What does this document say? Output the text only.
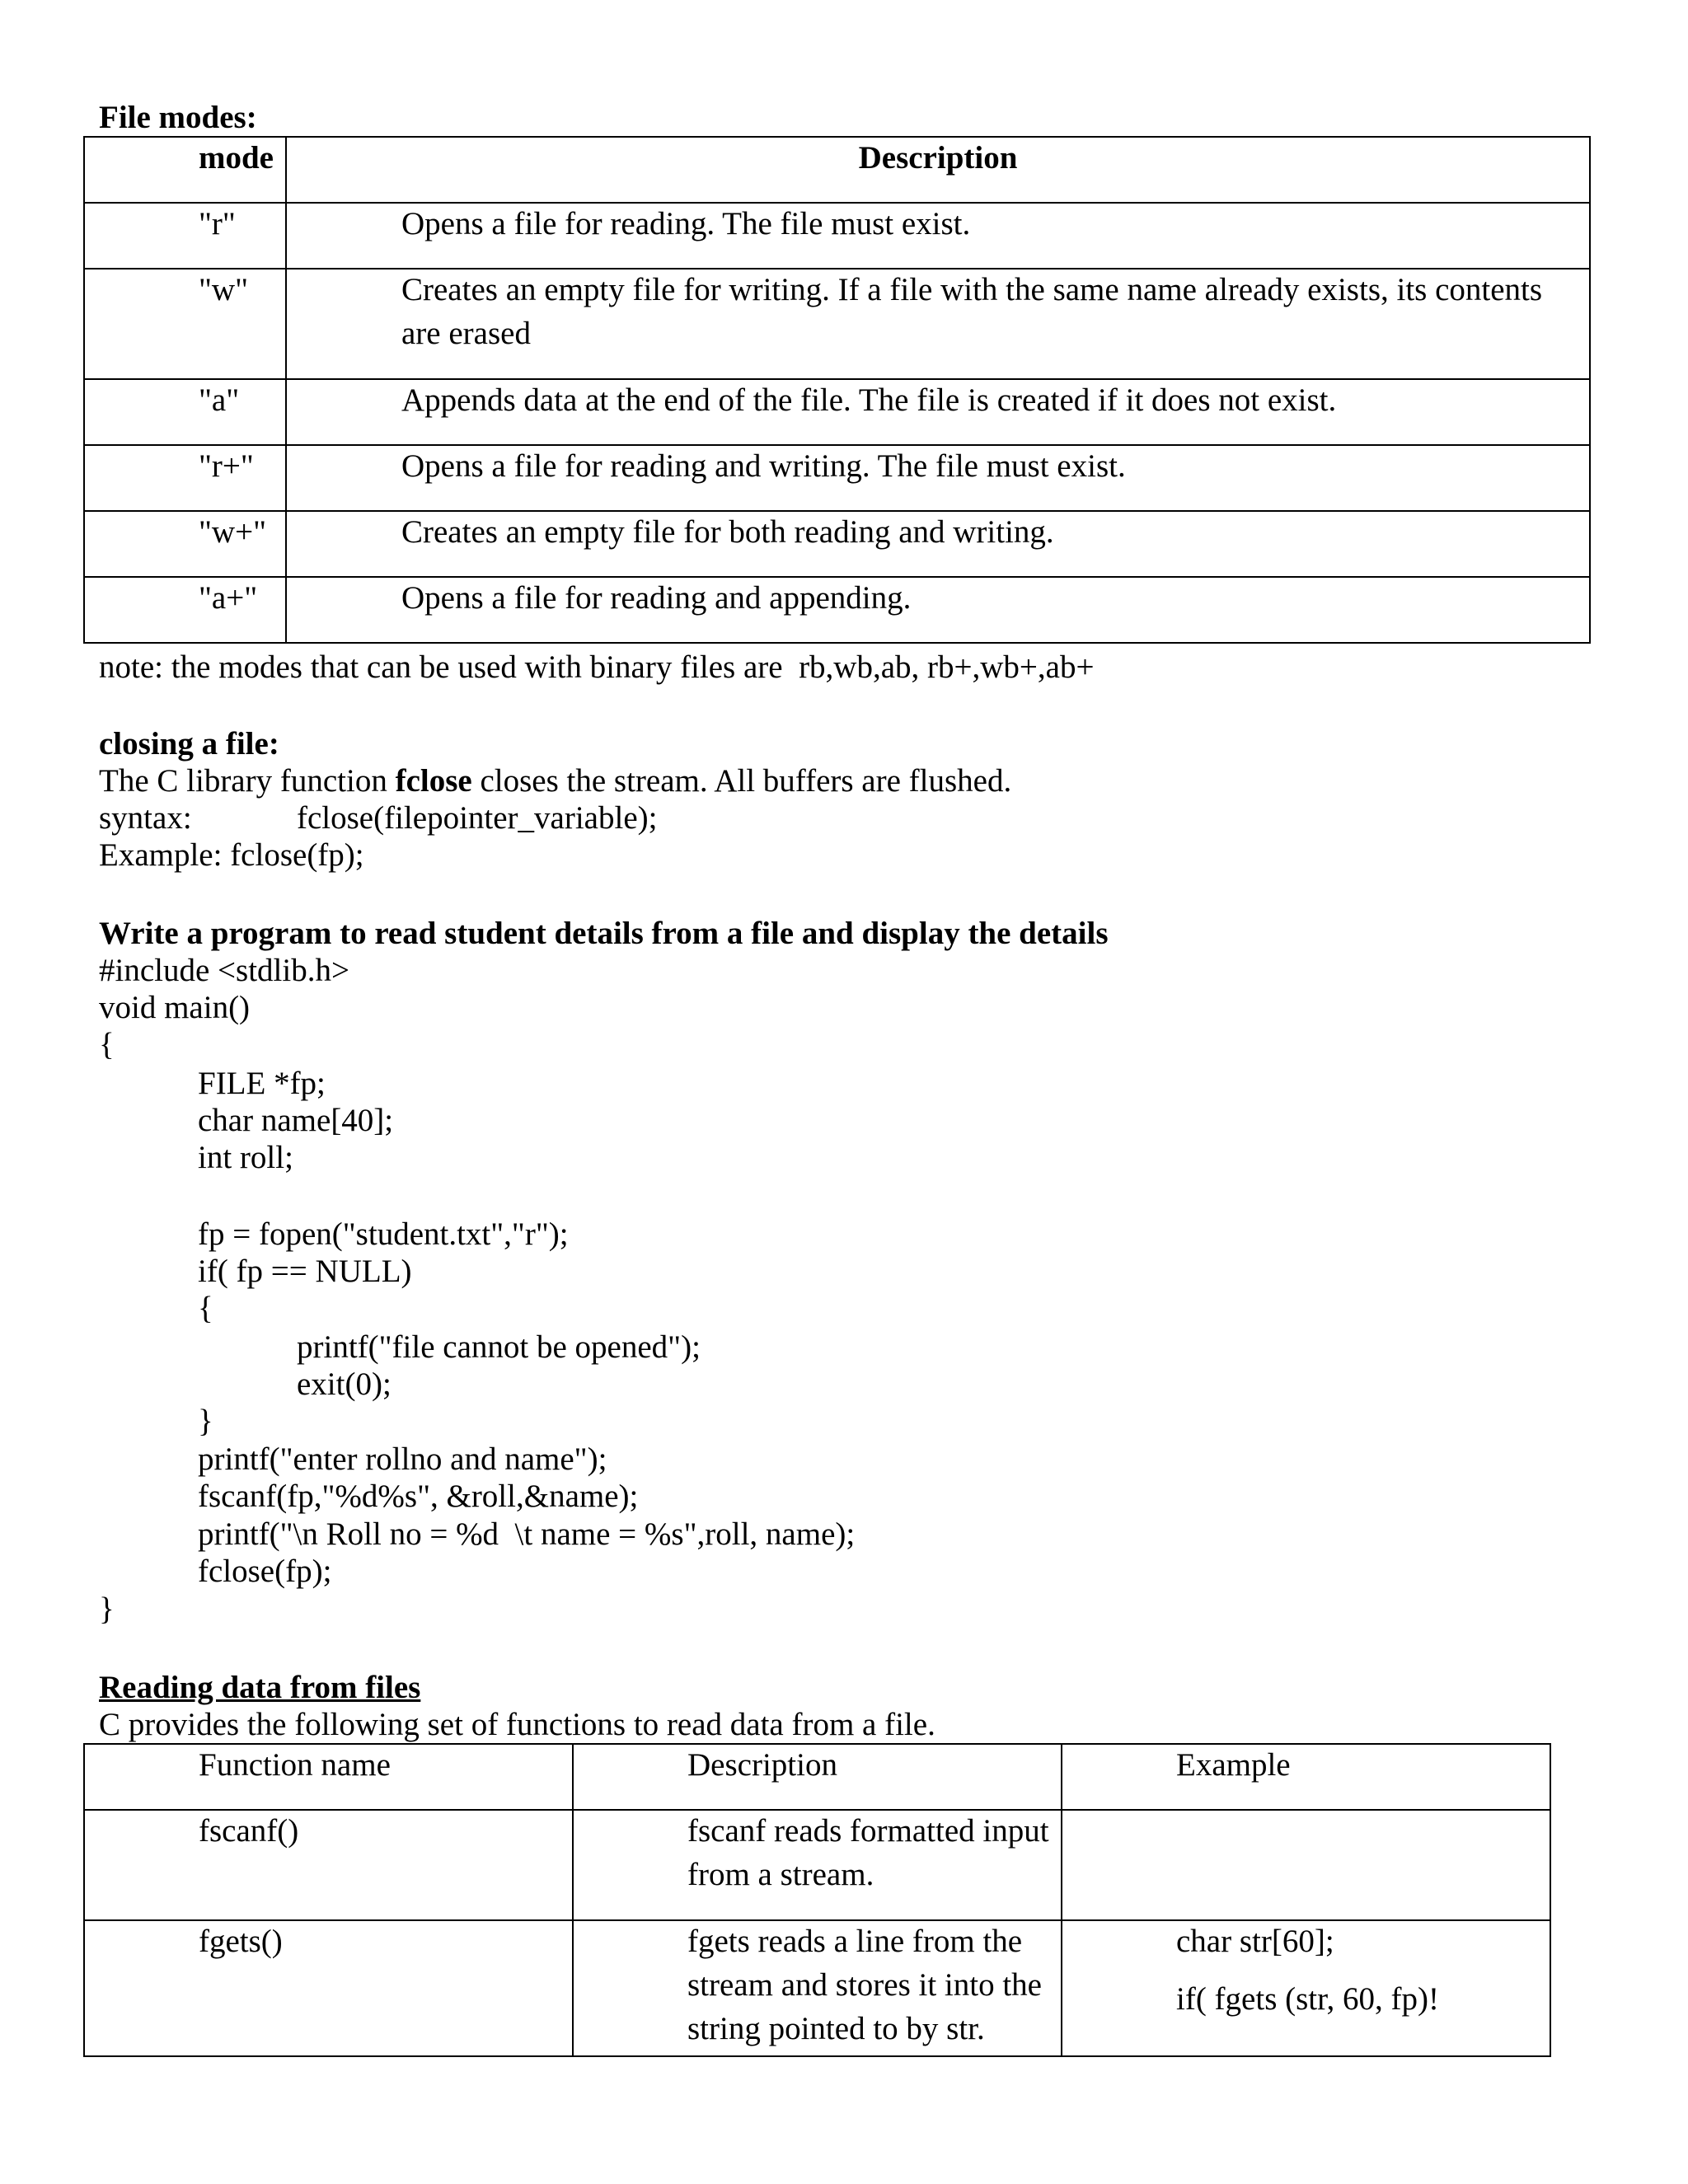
File modes:
mode	Description

"r"	Opens a file for reading. The file must exist.

"w"	Creates an empty file for writing. If a file with the same name already exists, its contents are erased

"a"	Appends data at the end of the file. The file is created if it does not exist.

"r+"	Opens a file for reading and writing. The file must exist.

"w+"	Creates an empty file for both reading and writing.

"a+"	Opens a file for reading and appending.
note: the modes that can be used with binary files are  rb,wb,ab, rb+,wb+,ab+
closing a file:
The C library function fclose closes the stream. All buffers are flushed.
syntax:	fclose(filepointer_variable);
Example: fclose(fp);
Write a program to read student details from a file and display the details
#include <stdlib.h>
void main()
{
FILE *fp;
char name[40];
int roll;
fp = fopen("student.txt","r");
if( fp == NULL)
{
printf("file cannot be opened");
exit(0);
}
printf("enter rollno and name");
fscanf(fp,"%d%s", &roll,&name);
printf("\n Roll no = %d  \t name = %s",roll, name);
fclose(fp);
}
Reading data from files
C provides the following set of functions to read data from a file.
Function name	Description	Example

fscanf()	fscanf reads formatted input from a stream.	

fgets()	fgets reads a line from the stream and stores it into the string pointed to by str.	char str[60];
if( fgets (str, 60, fp)!
